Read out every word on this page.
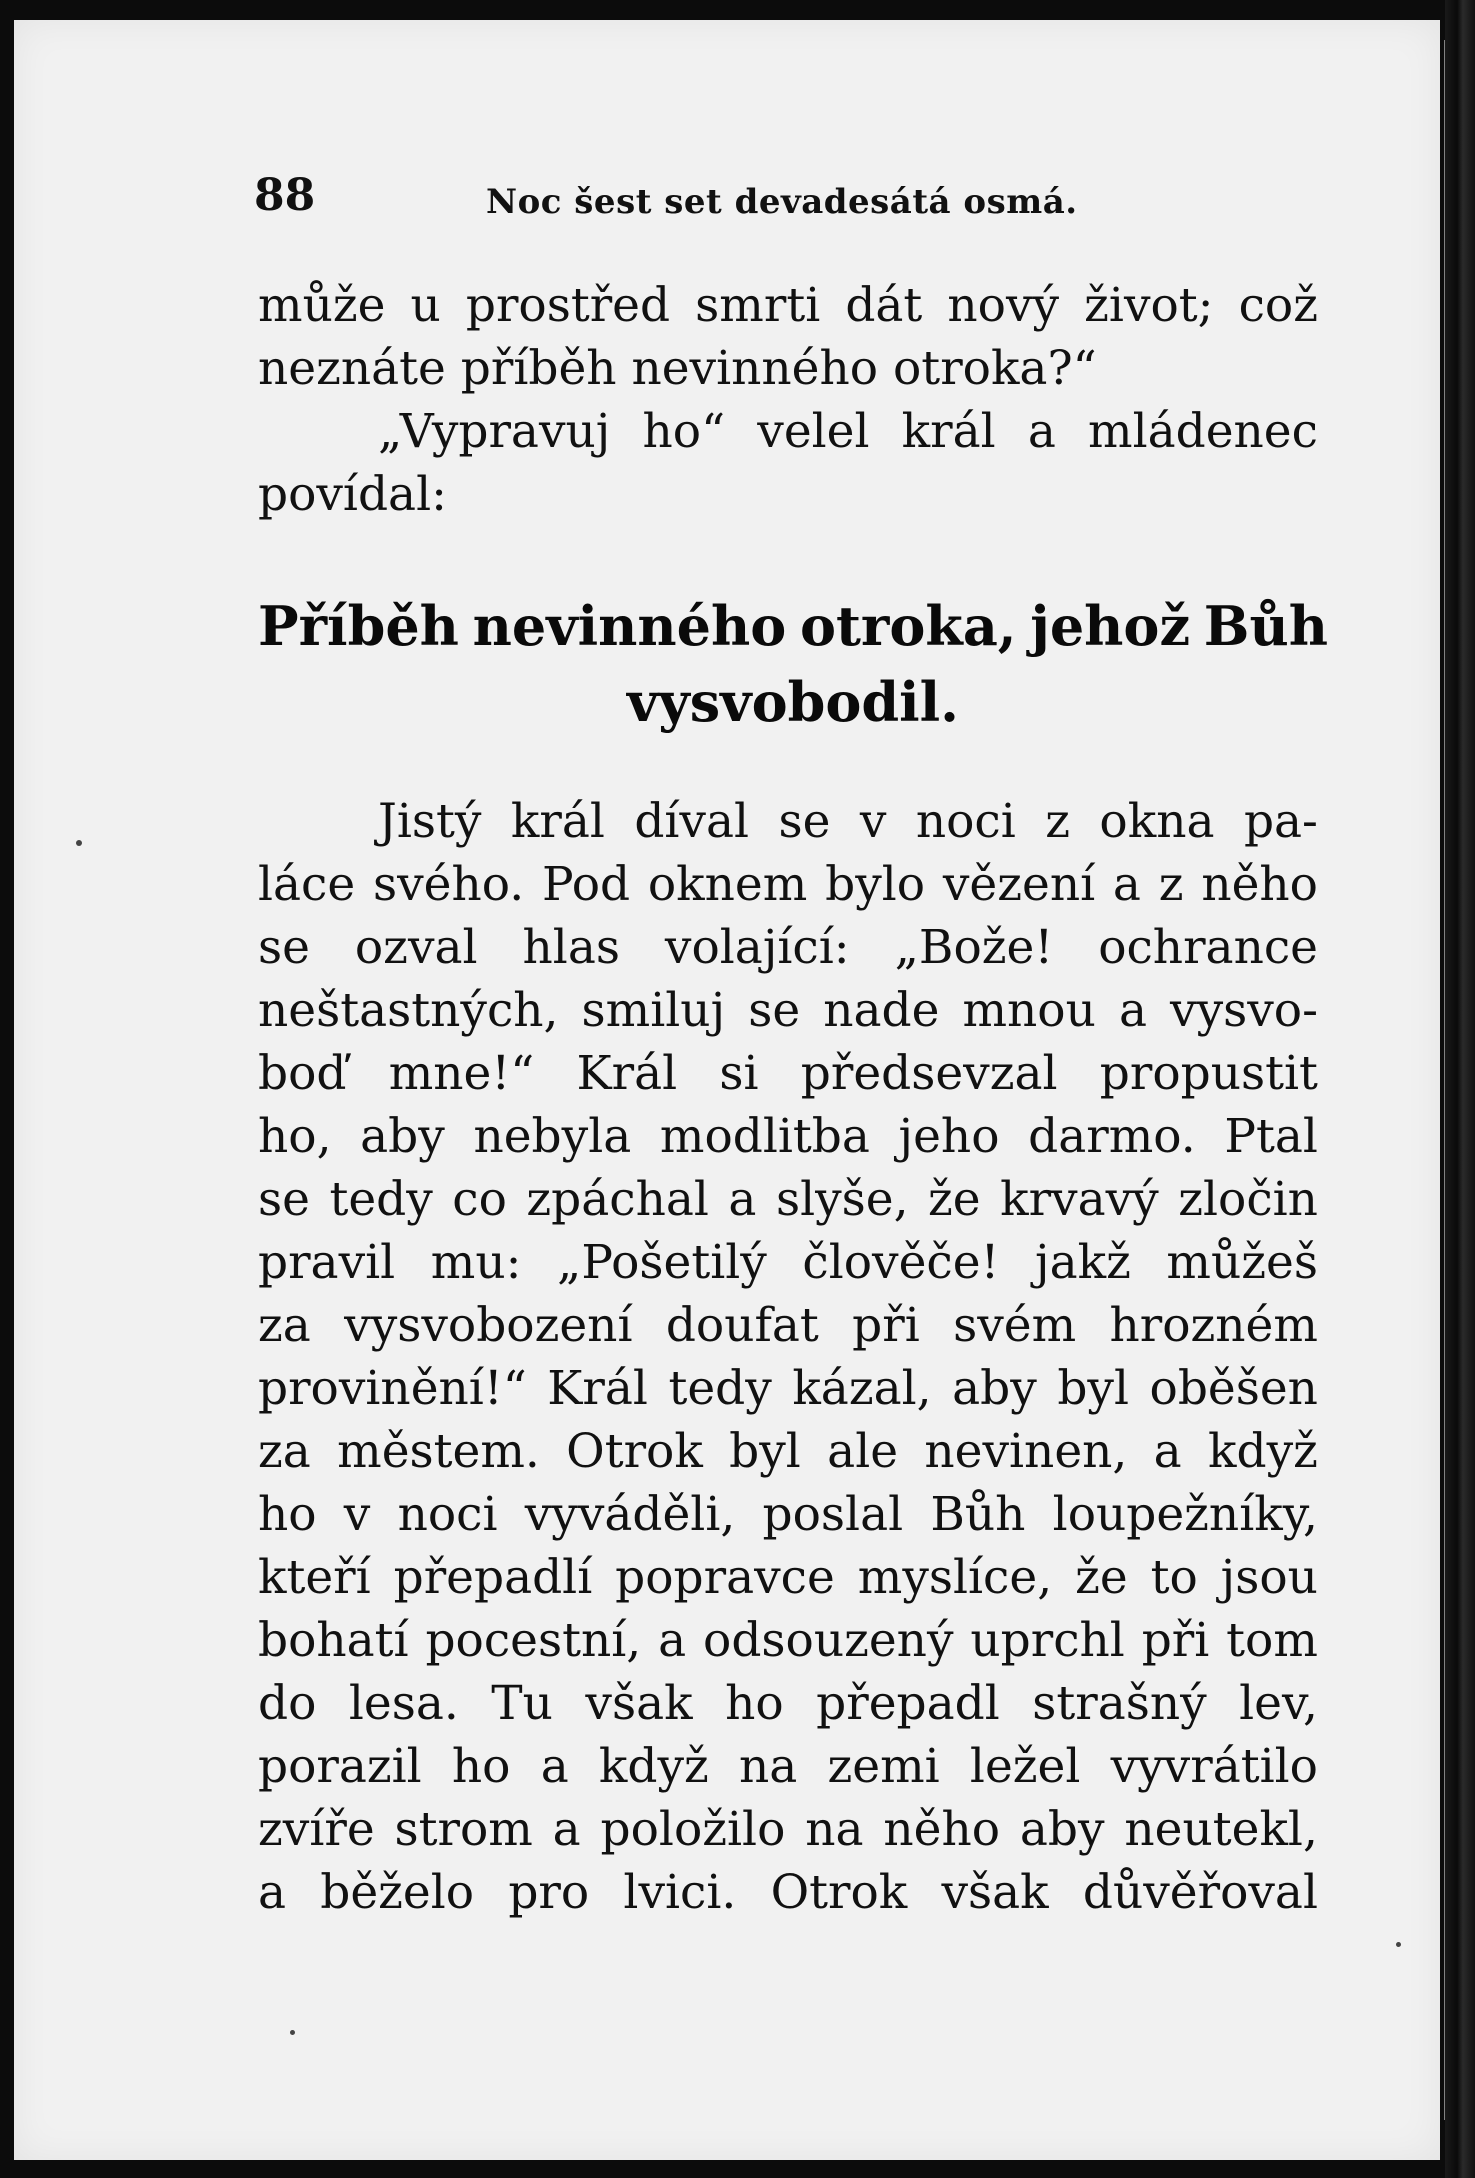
88	Noc šest set devadesátá osmá.
může u prostřed smrti dát nový život; což
neznáte příběh nevinného otroka?“
„Vypravuj ho“ velel král a mládenec
povídal:
Příběh nevinného otroka, jehož Bůh
vysvobodil.
Jistý král díval se v noci z okna pa-
láce svého. Pod oknem bylo vězení a z něho
se ozval hlas volající: „Bože! ochrance
neštastných, smiluj se nade mnou a vysvo-
boď mne!“ Král si předsevzal propustit
ho, aby nebyla modlitba jeho darmo. Ptal
se tedy co zpáchal a slyše, že krvavý zločin
pravil mu: „Pošetilý člověče! jakž můžeš
za vysvobození doufat při svém hrozném
provinění!“ Král tedy kázal, aby byl oběšen
za městem. Otrok byl ale nevinen, a když
ho v noci vyváděli, poslal Bůh loupežníky,
kteří přepadlí popravce myslíce, že to jsou
bohatí pocestní, a odsouzený uprchl při tom
do lesa. Tu však ho přepadl strašný lev,
porazil ho a když na zemi ležel vyvrátilo
zvíře strom a položilo na něho aby neutekl,
a běželo pro lvici. Otrok však důvěřoval
